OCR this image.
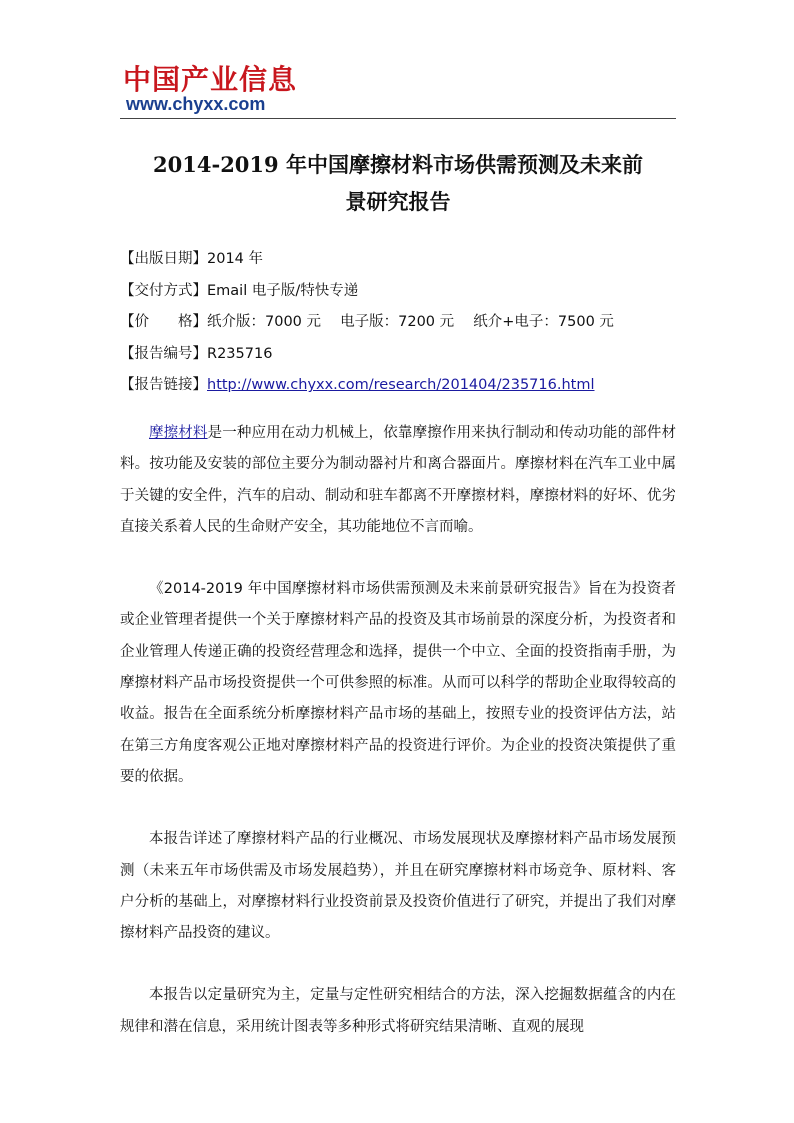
中国产业信息
www.chyxx.com
2014-2019 年中国摩擦材料市场供需预测及未来前
景研究报告
【出版日期】2014 年
【交付方式】Email 电子版/特快专递
【价　　格】纸介版：7000 元　 电子版：7200 元　 纸介+电子：7500 元
【报告编号】R235716
【报告链接】http://www.chyxx.com/research/201404/235716.html

摩擦材料是一种应用在动力机械上，依靠摩擦作用来执行制动和传动功能的部件材料。按功能及安装的部位主要分为制动器衬片和离合器面片。摩擦材料在汽车工业中属于关键的安全件，汽车的启动、制动和驻车都离不开摩擦材料，摩擦材料的好坏、优劣直接关系着人民的生命财产安全，其功能地位不言而喻。

《2014-2019 年中国摩擦材料市场供需预测及未来前景研究报告》旨在为投资者或企业管理者提供一个关于摩擦材料产品的投资及其市场前景的深度分析，为投资者和企业管理人传递正确的投资经营理念和选择，提供一个中立、全面的投资指南手册，为摩擦材料产品市场投资提供一个可供参照的标准。从而可以科学的帮助企业取得较高的收益。报告在全面系统分析摩擦材料产品市场的基础上，按照专业的投资评估方法，站在第三方角度客观公正地对摩擦材料产品的投资进行评价。为企业的投资决策提供了重要的依据。

本报告详述了摩擦材料产品的行业概况、市场发展现状及摩擦材料产品市场发展预测（未来五年市场供需及市场发展趋势），并且在研究摩擦材料市场竞争、原材料、客户分析的基础上，对摩擦材料行业投资前景及投资价值进行了研究，并提出了我们对摩擦材料产品投资的建议。

本报告以定量研究为主，定量与定性研究相结合的方法，深入挖掘数据蕴含的内在规律和潜在信息，采用统计图表等多种形式将研究结果清晰、直观的展现
